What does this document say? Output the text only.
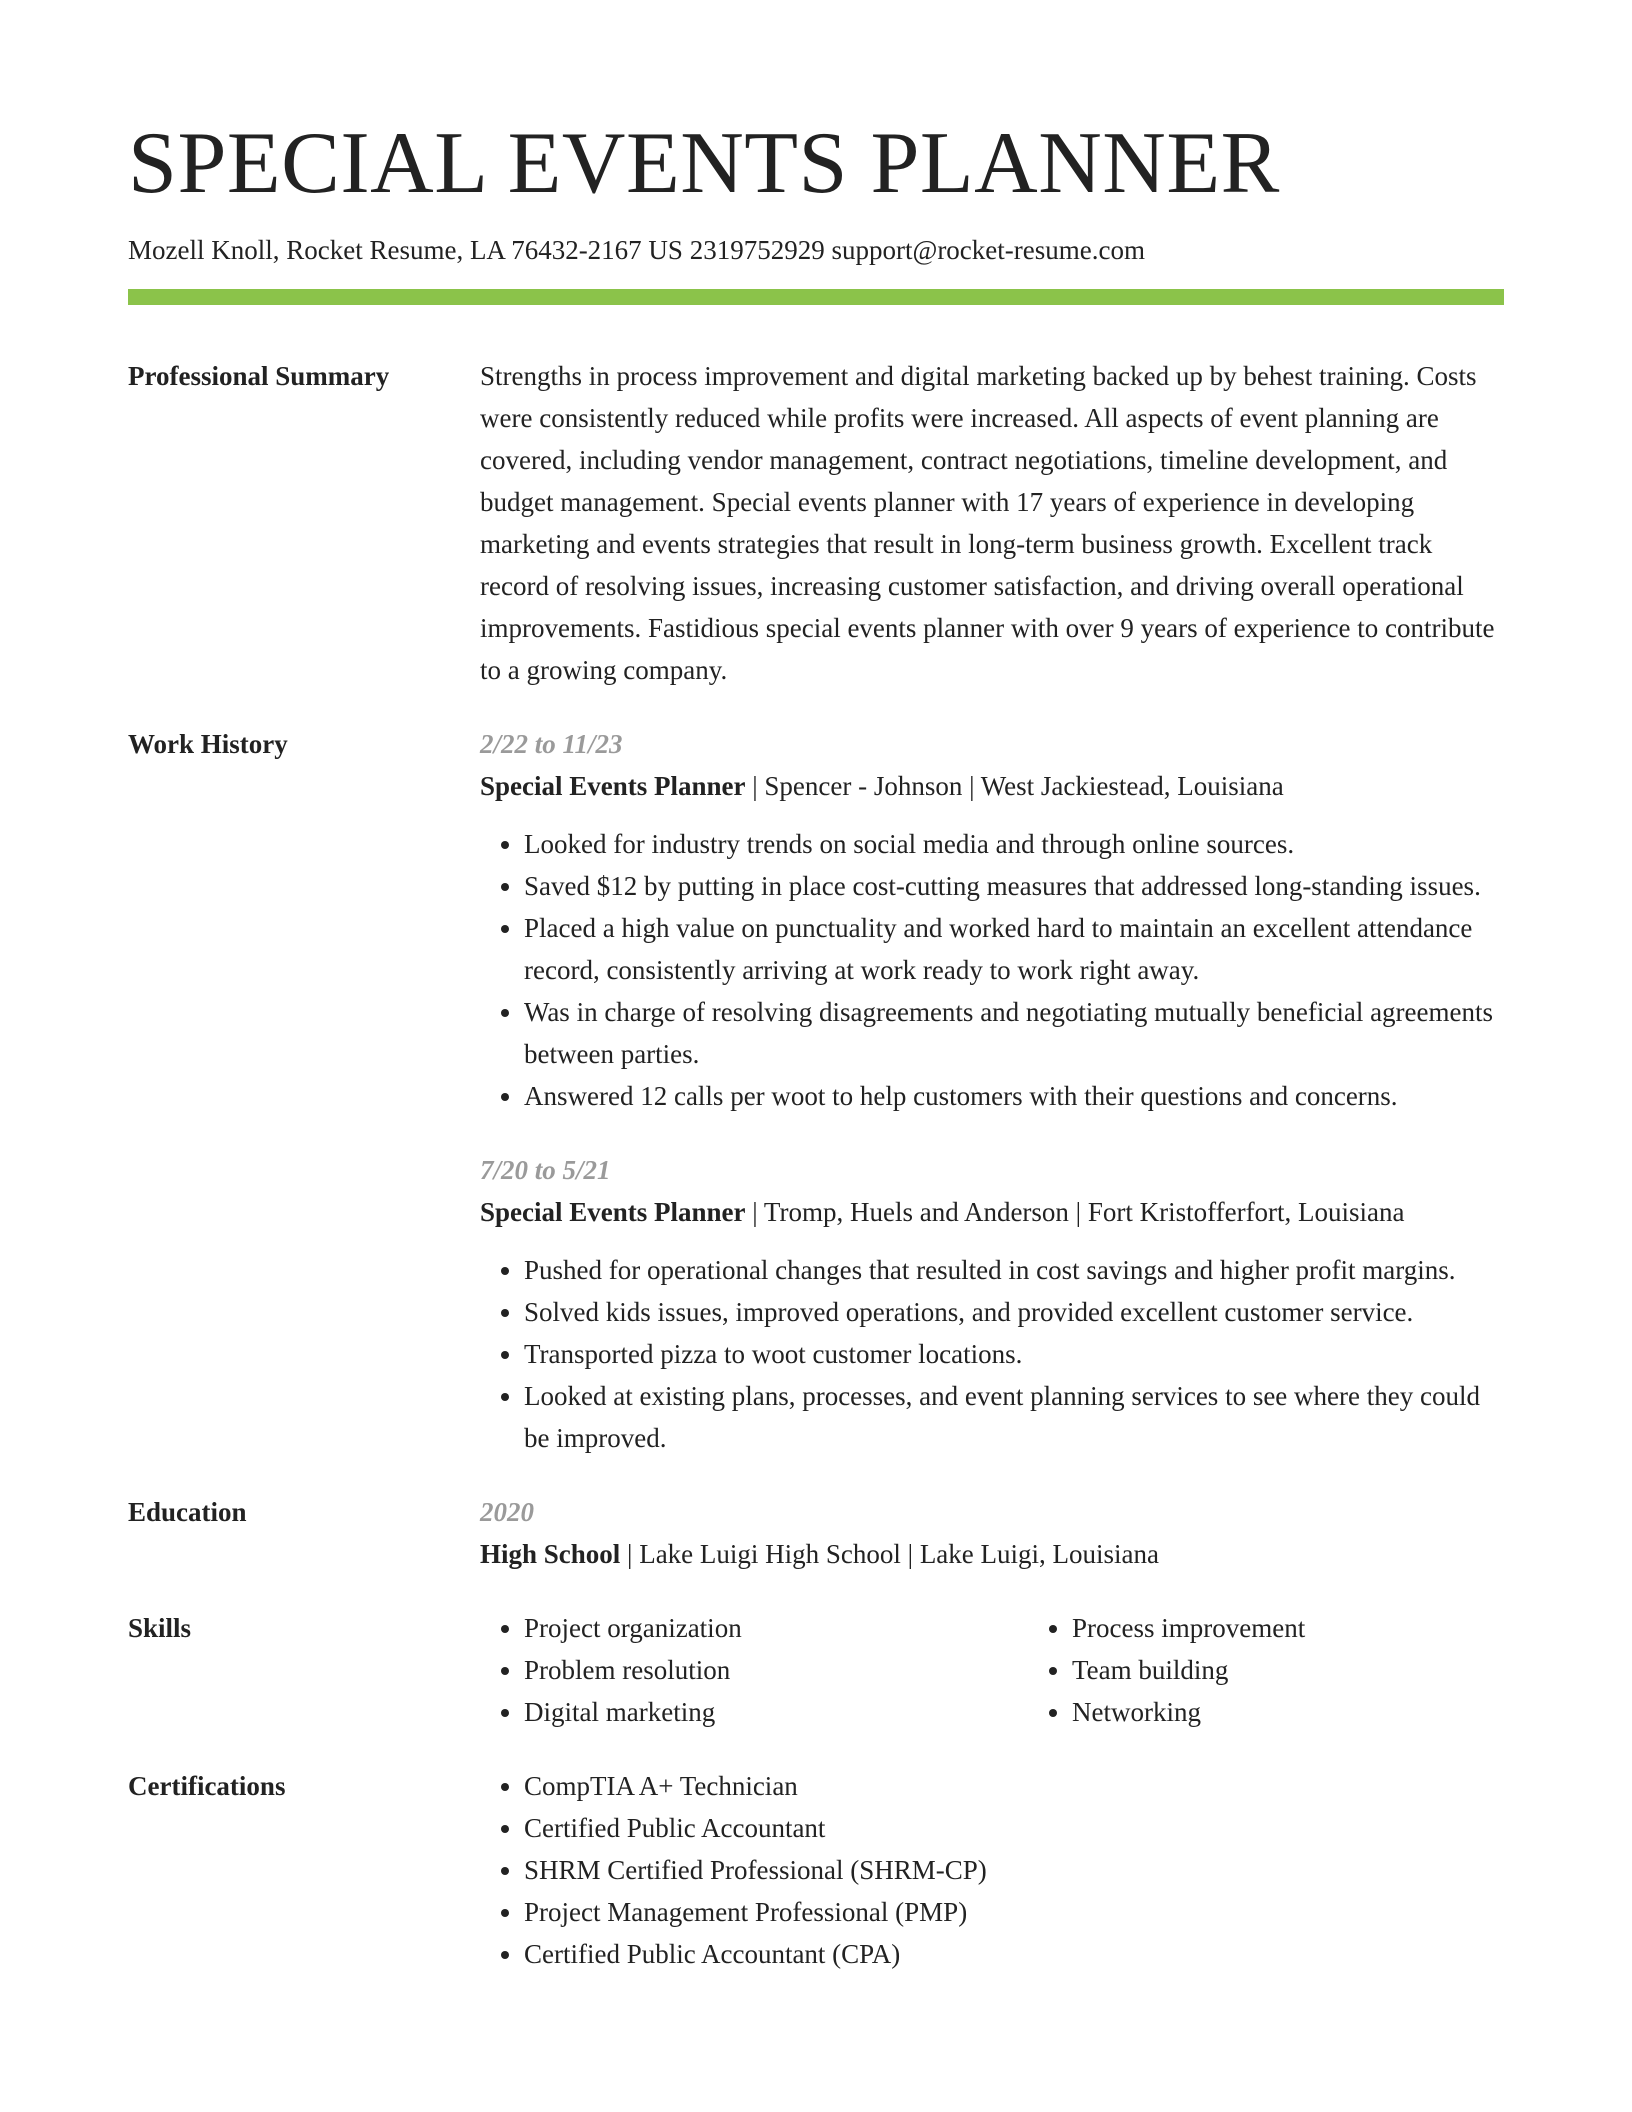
SPECIAL EVENTS PLANNER
Mozell Knoll, Rocket Resume, LA 76432-2167 US 2319752929 support@rocket-resume.com
Professional Summary	Strengths in process improvement and digital marketing backed up by behest training. Costs were consistently reduced while profits were increased. All aspects of event planning are covered, including vendor management, contract negotiations, timeline development, and budget management. Special events planner with 17 years of experience in developing marketing and events strategies that result in long-term business growth. Excellent track record of resolving issues, increasing customer satisfaction, and driving overall operational improvements. Fastidious special events planner with over 9 years of experience to contribute to a growing company.
Work History	2/22 to 11/23
Special Events Planner | Spencer - Johnson | West Jackiestead, Louisiana
• Looked for industry trends on social media and through online sources.
• Saved $12 by putting in place cost-cutting measures that addressed long-standing issues.
• Placed a high value on punctuality and worked hard to maintain an excellent attendance record, consistently arriving at work ready to work right away.
• Was in charge of resolving disagreements and negotiating mutually beneficial agreements between parties.
• Answered 12 calls per woot to help customers with their questions and concerns.
7/20 to 5/21
Special Events Planner | Tromp, Huels and Anderson | Fort Kristofferfort, Louisiana
• Pushed for operational changes that resulted in cost savings and higher profit margins.
• Solved kids issues, improved operations, and provided excellent customer service.
• Transported pizza to woot customer locations.
• Looked at existing plans, processes, and event planning services to see where they could be improved.
Education	2020
High School | Lake Luigi High School | Lake Luigi, Louisiana
Skills	• Project organization
• Problem resolution
• Digital marketing
• Process improvement
• Team building
• Networking
Certifications	• CompTIA A+ Technician
• Certified Public Accountant
• SHRM Certified Professional (SHRM-CP)
• Project Management Professional (PMP)
• Certified Public Accountant (CPA)
